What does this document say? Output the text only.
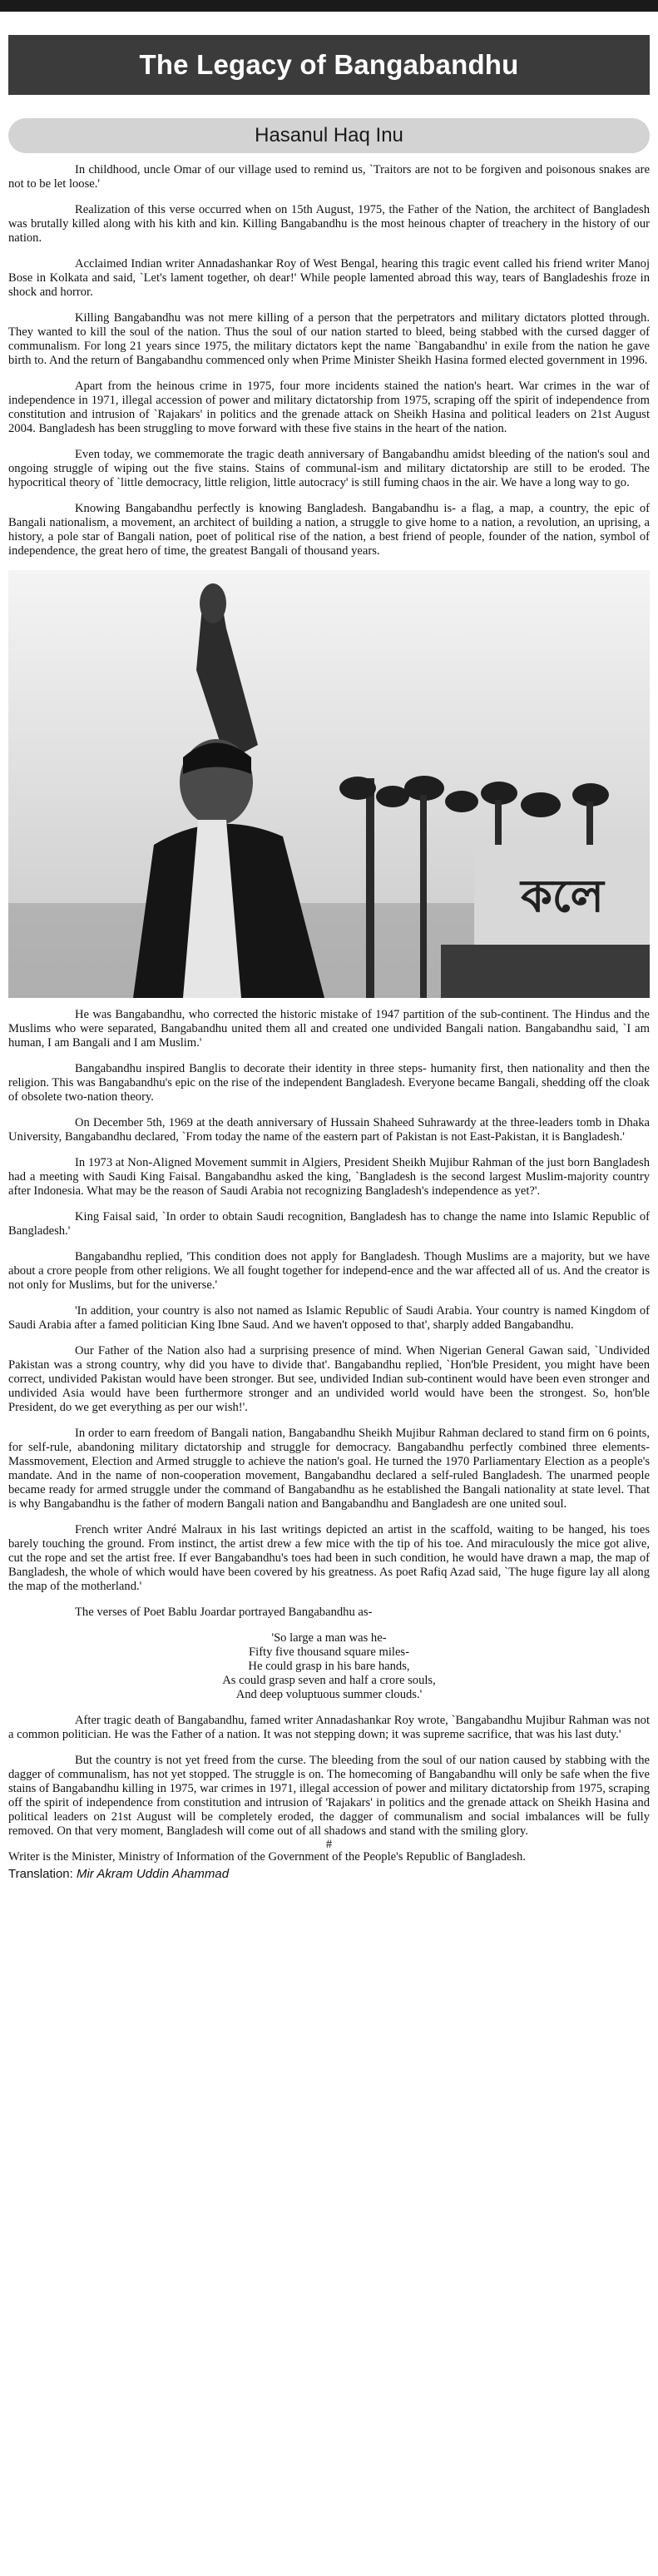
The Legacy of Bangabandhu
Hasanul Haq Inu

In childhood, uncle Omar of our village used to remind us, `Traitors are not to be forgiven and poisonous snakes are not to be let loose.'

Realization of this verse occurred when on 15th August, 1975, the Father of the Nation, the architect of Bangladesh was brutally killed along with his kith and kin. Killing Bangabandhu is the most heinous chapter of treachery in the history of our nation.

Acclaimed Indian writer Annadashankar Roy of West Bengal, hearing this tragic event called his friend writer Manoj Bose in Kolkata and said, `Let's lament together, oh dear!' While people lamented abroad this way, tears of Bangladeshis froze in shock and horror.

Killing Bangabandhu was not mere killing of a person that the perpetrators and military dictators plotted through. They wanted to kill the soul of the nation. Thus the soul of our nation started to bleed, being stabbed with the cursed dagger of communalism. For long 21 years since 1975, the military dictators kept the name `Bangabandhu' in exile from the nation he gave birth to. And the return of Bangabandhu commenced only when Prime Minister Sheikh Hasina formed elected government in 1996.

Apart from the heinous crime in 1975, four more incidents stained the nation's heart. War crimes in the war of independence in 1971, illegal accession of power and military dictatorship from 1975, scraping off the spirit of independence from constitution and intrusion of `Rajakars' in politics and the grenade attack on Sheikh Hasina and political leaders on 21st August 2004. Bangladesh has been struggling to move forward with these five stains in the heart of the nation.

Even today, we commemorate the tragic death anniversary of Bangabandhu amidst bleeding of the nation's soul and ongoing struggle of wiping out the five stains. Stains of communal-ism and military dictatorship are still to be eroded. The hypocritical theory of `little democracy, little religion, little autocracy' is still fuming chaos in the air. We have a long way to go.

Knowing Bangabandhu perfectly is knowing Bangladesh. Bangabandhu is- a flag, a map, a country, the epic of Bangali nationalism, a movement, an architect of building a nation, a struggle to give home to a nation, a revolution, an uprising, a history, a pole star of Bangali nation, poet of political rise of the nation, a best friend of people, founder of the nation, symbol of independence, the great hero of time, the greatest Bangali of thousand years.

কলে

He was Bangabandhu, who corrected the historic mistake of 1947 partition of the sub-continent. The Hindus and the Muslims who were separated, Bangabandhu united them all and created one undivided Bangali nation. Bangabandhu said, `I am human, I am Bangali and I am Muslim.'

Bangabandhu inspired Banglis to decorate their identity in three steps- humanity first, then nationality and then the religion. This was Bangabandhu's epic on the rise of the independent Bangladesh. Everyone became Bangali, shedding off the cloak of obsolete two-nation theory.

On December 5th, 1969 at the death anniversary of Hussain Shaheed Suhrawardy at the three-leaders tomb in Dhaka University, Bangabandhu declared, `From today the name of the eastern part of Pakistan is not East-Pakistan, it is Bangladesh.'

In 1973 at Non-Aligned Movement summit in Algiers, President Sheikh Mujibur Rahman of the just born Bangladesh had a meeting with Saudi King Faisal. Bangabandhu asked the king, `Bangladesh is the second largest Muslim-majority country after Indonesia. What may be the reason of Saudi Arabia not recognizing Bangladesh's independence as yet?'.

King Faisal said, `In order to obtain Saudi recognition, Bangladesh has to change the name into Islamic Republic of Bangladesh.'

Bangabandhu replied, 'This condition does not apply for Bangladesh. Though Muslims are a majority, but we have about a crore people from other religions. We all fought together for independ-ence and the war affected all of us. And the creator is not only for Muslims, but for the universe.'

'In addition, your country is also not named as Islamic Republic of Saudi Arabia. Your country is named Kingdom of Saudi Arabia after a famed politician King Ibne Saud. And we haven't opposed to that', sharply added Bangabandhu.

Our Father of the Nation also had a surprising presence of mind. When Nigerian General Gawan said, `Undivided Pakistan was a strong country, why did you have to divide that'. Bangabandhu replied, `Hon'ble President, you might have been correct, undivided Pakistan would have been stronger. But see, undivided Indian sub-continent would have been even stronger and undivided Asia would have been furthermore stronger and an undivided world would have been the strongest. So, hon'ble President, do we get everything as per our wish!'.

In order to earn freedom of Bangali nation, Bangabandhu Sheikh Mujibur Rahman declared to stand firm on 6 points, for self-rule, abandoning military dictatorship and struggle for democracy. Bangabandhu perfectly combined three elements- Massmovement, Election and Armed struggle to achieve the nation's goal. He turned the 1970 Parliamentary Election as a people's mandate. And in the name of non-cooperation movement, Bangabandhu declared a self-ruled Bangladesh. The unarmed people became ready for armed struggle under the command of Bangabandhu as he established the Bangali nationality at state level. That is why Bangabandhu is the father of modern Bangali nation and Bangabandhu and Bangladesh are one united soul.

French writer André Malraux in his last writings depicted an artist in the scaffold, waiting to be hanged, his toes barely touching the ground. From instinct, the artist drew a few mice with the tip of his toe. And miraculously the mice got alive, cut the rope and set the artist free. If ever Bangabandhu's toes had been in such condition, he would have drawn a map, the map of Bangladesh, the whole of which would have been covered by his greatness. As poet Rafiq Azad said, `The huge figure lay all along the map of the motherland.'

The verses of Poet Bablu Joardar portrayed Bangabandhu as-

'So large a man was he-
Fifty five thousand square miles-
He could grasp in his bare hands,
As could grasp seven and half a crore souls,
And deep voluptuous summer clouds.'

After tragic death of Bangabandhu, famed writer Annadashankar Roy wrote, `Bangabandhu Mujibur Rahman was not a common politician. He was the Father of a nation. It was not stepping down; it was supreme sacrifice, that was his last duty.'

But the country is not yet freed from the curse. The bleeding from the soul of our nation caused by stabbing with the dagger of communalism, has not yet stopped. The struggle is on. The homecoming of Bangabandhu will only be safe when the five stains of Bangabandhu killing in 1975, war crimes in 1971, illegal accession of power and military dictatorship from 1975, scraping off the spirit of independence from constitution and intrusion of 'Rajakars' in politics and the grenade attack on Sheikh Hasina and political leaders on 21st August will be completely eroded, the dagger of communalism and social imbalances will be fully removed. On that very moment, Bangladesh will come out of all shadows and stand with the smiling glory.

#
Writer is the Minister, Ministry of Information of the Government of the People's Republic of Bangladesh.
Translation: Mir Akram Uddin Ahammad
